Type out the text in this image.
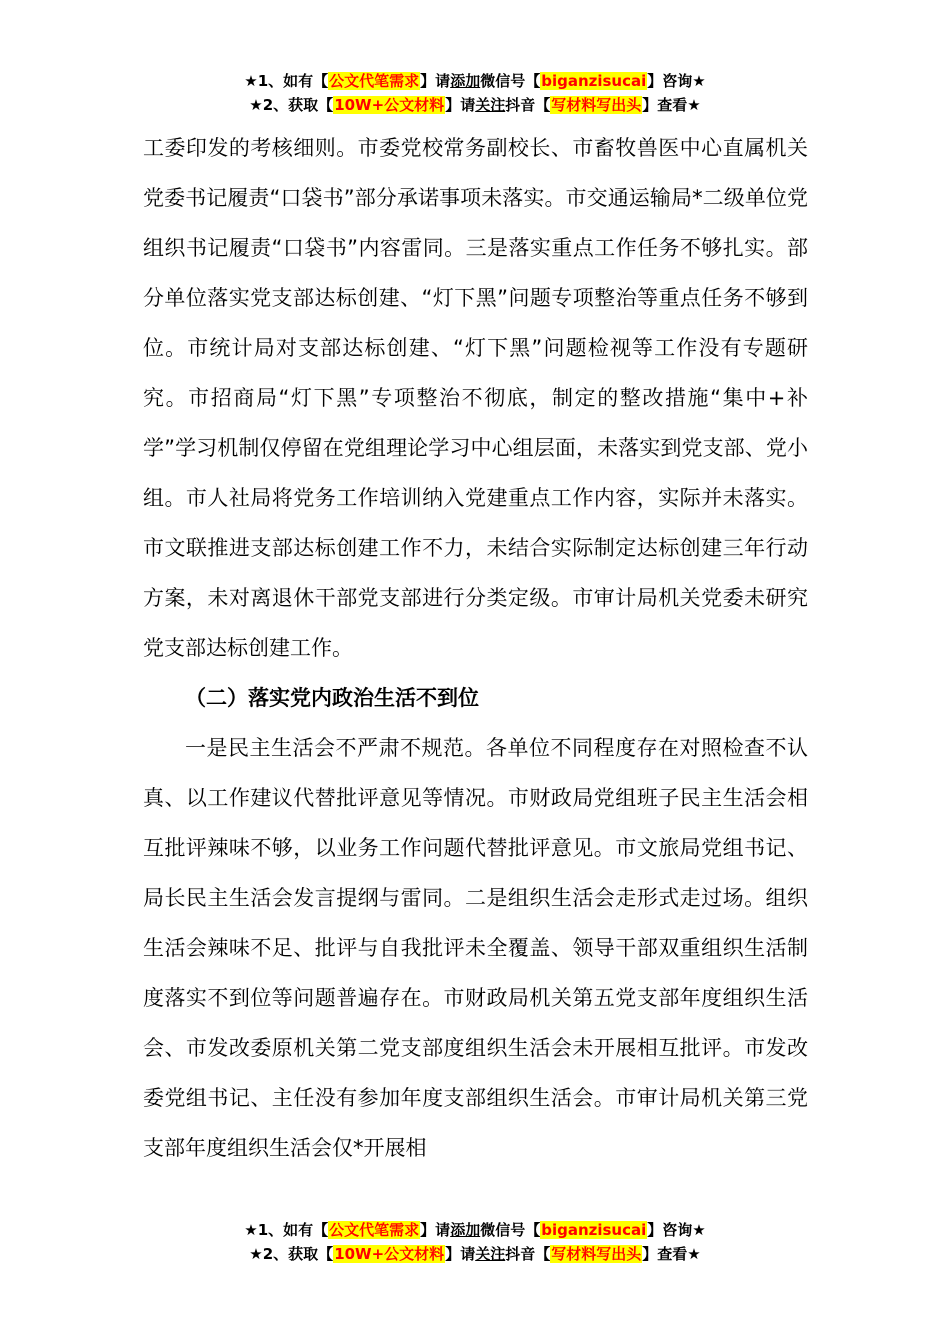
★1、如有【公文代笔需求】请添加微信号【biganzisucai】咨询★
★2、获取【10W+公文材料】请关注抖音【写材料写出头】查看★

工委印发的考核细则。市委党校常务副校长、市畜牧兽医中心直属机关党委书记履责“口袋书”部分承诺事项未落实。市交通运输局*二级单位党组织书记履责“口袋书”内容雷同。三是落实重点工作任务不够扎实。部分单位落实党支部达标创建、“灯下黑”问题专项整治等重点任务不够到位。市统计局对支部达标创建、“灯下黑”问题检视等工作没有专题研究。市招商局“灯下黑”专项整治不彻底，制定的整改措施“集中+补学”学习机制仅停留在党组理论学习中心组层面，未落实到党支部、党小组。市人社局将党务工作培训纳入党建重点工作内容，实际并未落实。市文联推进支部达标创建工作不力，未结合实际制定达标创建三年行动方案，未对离退休干部党支部进行分类定级。市审计局机关党委未研究党支部达标创建工作。

（二）落实党内政治生活不到位

一是民主生活会不严肃不规范。各单位不同程度存在对照检查不认真、以工作建议代替批评意见等情况。市财政局党组班子民主生活会相互批评辣味不够，以业务工作问题代替批评意见。市文旅局党组书记、局长民主生活会发言提纲与雷同。二是组织生活会走形式走过场。组织生活会辣味不足、批评与自我批评未全覆盖、领导干部双重组织生活制度落实不到位等问题普遍存在。市财政局机关第五党支部年度组织生活会、市发改委原机关第二党支部度组织生活会未开展相互批评。市发改委党组书记、主任没有参加年度支部组织生活会。市审计局机关第三党支部年度组织生活会仅*开展相

★1、如有【公文代笔需求】请添加微信号【biganzisucai】咨询★
★2、获取【10W+公文材料】请关注抖音【写材料写出头】查看★
